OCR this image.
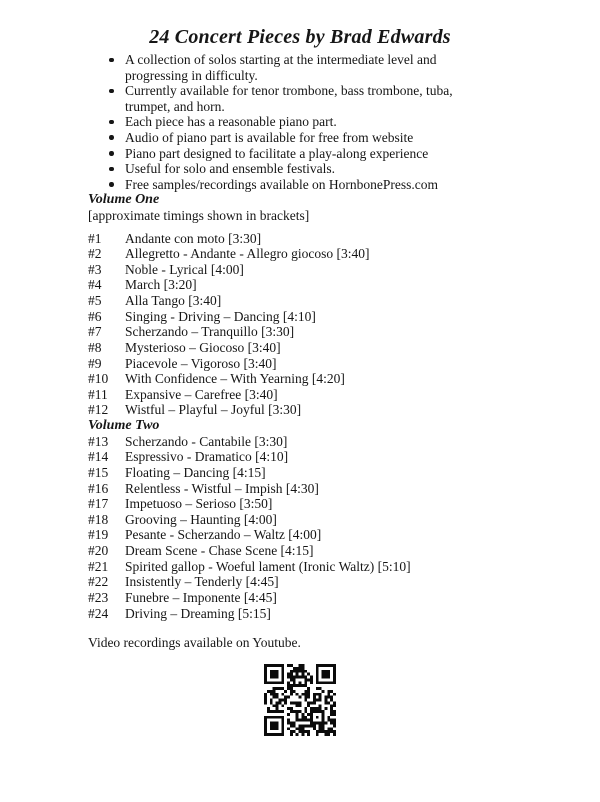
24 Concert Pieces by Brad Edwards
A collection of solos starting at the intermediate level and progressing in difficulty.
Currently available for tenor trombone, bass trombone, tuba, trumpet, and horn.
Each piece has a reasonable piano part.
Audio of piano part is available for free from website
Piano part designed to facilitate a play-along experience
Useful for solo and ensemble festivals.
Free samples/recordings available on HornbonePress.com
Volume One
[approximate timings shown in brackets]
#1	Andante con moto [3:30]
#2	Allegretto - Andante - Allegro giocoso [3:40]
#3	Noble - Lyrical [4:00]
#4	March [3:20]
#5	Alla Tango [3:40]
#6	Singing - Driving – Dancing [4:10]
#7	Scherzando – Tranquillo [3:30]
#8	Mysterioso – Giocoso [3:40]
#9	Piacevole – Vigoroso [3:40]
#10	With Confidence – With Yearning [4:20]
#11	Expansive – Carefree [3:40]
#12	Wistful – Playful – Joyful [3:30]
Volume Two
#13	Scherzando - Cantabile [3:30]
#14	Espressivo - Dramatico [4:10]
#15	Floating – Dancing [4:15]
#16	Relentless - Wistful – Impish [4:30]
#17	Impetuoso – Serioso [3:50]
#18	Grooving – Haunting [4:00]
#19	Pesante - Scherzando – Waltz [4:00]
#20	Dream Scene - Chase Scene [4:15]
#21	Spirited gallop - Woeful lament (Ironic Waltz) [5:10]
#22	Insistently – Tenderly [4:45]
#23	Funebre – Imponente [4:45]
#24	Driving – Dreaming [5:15]

Video recordings available on Youtube.
